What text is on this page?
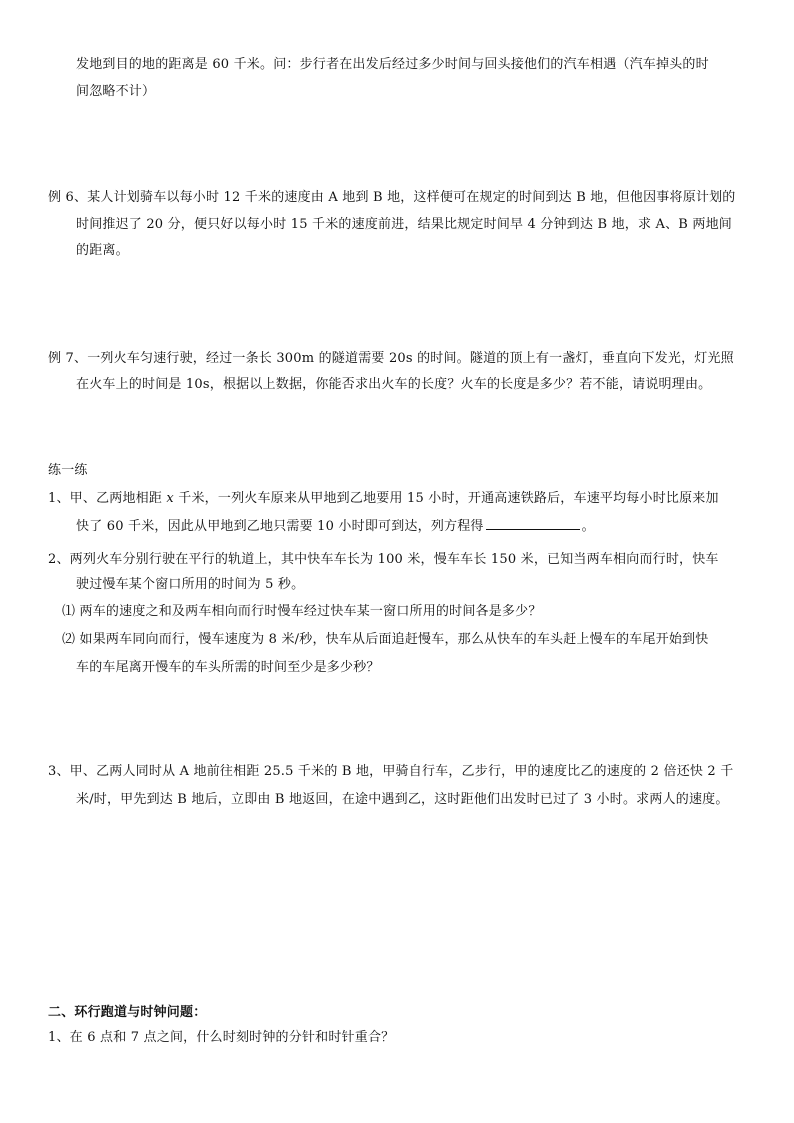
发地到目的地的距离是 60 千米。问：步行者在出发后经过多少时间与回头接他们的汽车相遇（汽车掉头的时
间忽略不计）
例 6、某人计划骑车以每小时 12 千米的速度由 A 地到 B 地，这样便可在规定的时间到达 B 地，但他因事将原计划的
时间推迟了 20 分，便只好以每小时 15 千米的速度前进，结果比规定时间早 4 分钟到达 B 地，求 A、B 两地间
的距离。
例 7、一列火车匀速行驶，经过一条长 300m 的隧道需要 20s 的时间。隧道的顶上有一盏灯，垂直向下发光，灯光照
在火车上的时间是 10s，根据以上数据，你能否求出火车的长度？火车的长度是多少？若不能，请说明理由。
练一练
1、甲、乙两地相距 x 千米，一列火车原来从甲地到乙地要用 15 小时，开通高速铁路后，车速平均每小时比原来加
快了 60 千米，因此从甲地到乙地只需要 10 小时即可到达，列方程得	。
2、两列火车分别行驶在平行的轨道上，其中快车车长为 100 米，慢车车长 150 米，已知当两车相向而行时，快车
驶过慢车某个窗口所用的时间为 5 秒。
⑴ 两车的速度之和及两车相向而行时慢车经过快车某一窗口所用的时间各是多少？
⑵ 如果两车同向而行，慢车速度为 8 米/秒，快车从后面追赶慢车，那么从快车的车头赶上慢车的车尾开始到快
车的车尾离开慢车的车头所需的时间至少是多少秒？
3、甲、乙两人同时从 A 地前往相距 25.5 千米的 B 地，甲骑自行车，乙步行，甲的速度比乙的速度的 2 倍还快 2 千
米/时，甲先到达 B 地后，立即由 B 地返回，在途中遇到乙，这时距他们出发时已过了 3 小时。求两人的速度。
二、环行跑道与时钟问题：
1、在 6 点和 7 点之间，什么时刻时钟的分针和时针重合？
